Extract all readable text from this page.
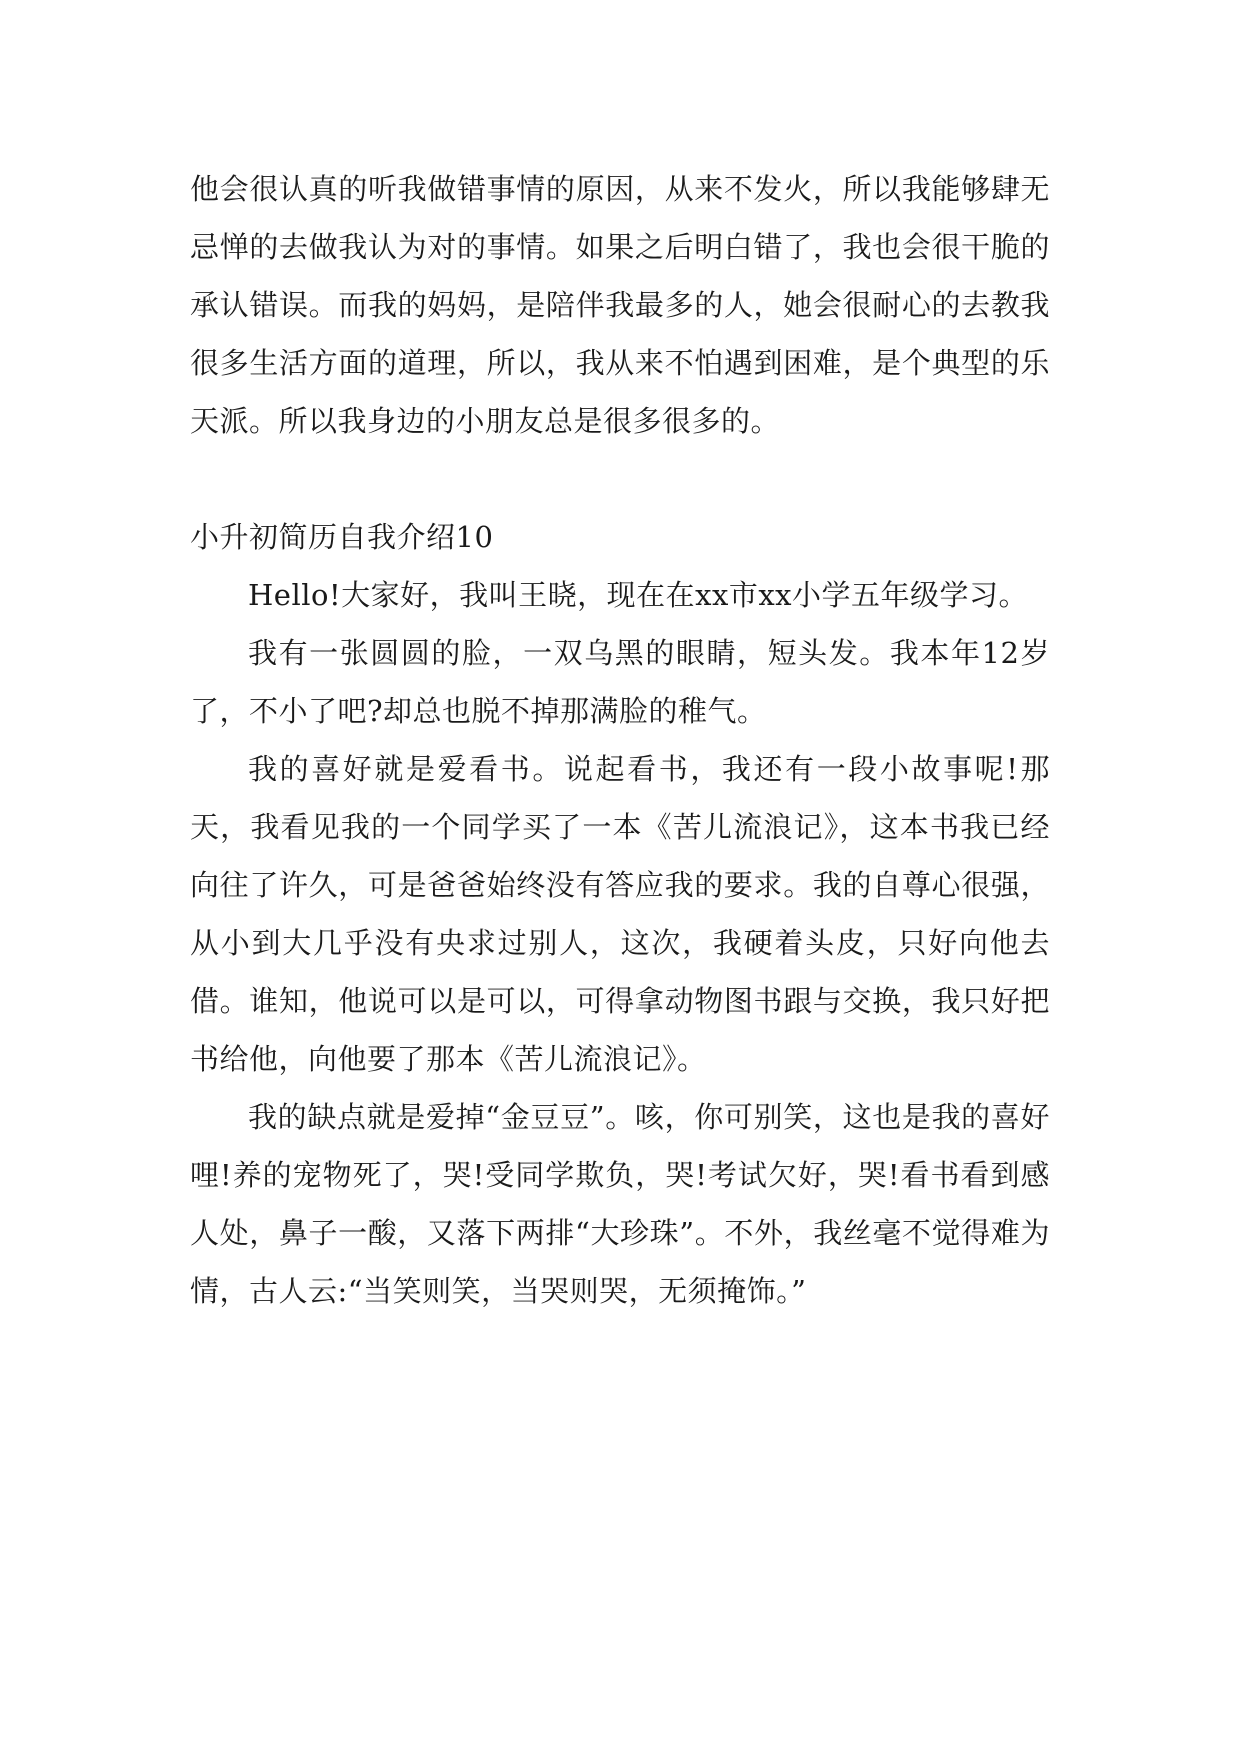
他会很认真的听我做错事情的原因，从来不发火，所以我能够肆无忌惮的去做我认为对的事情。如果之后明白错了，我也会很干脆的承认错误。而我的妈妈，是陪伴我最多的人，她会很耐心的去教我很多生活方面的道理，所以，我从来不怕遇到困难，是个典型的乐天派。所以我身边的小朋友总是很多很多的。

小升初简历自我介绍10

Hello!大家好，我叫王晓，现在在xx市xx小学五年级学习。

我有一张圆圆的脸，一双乌黑的眼睛，短头发。我本年12岁了，不小了吧?却总也脱不掉那满脸的稚气。

我的喜好就是爱看书。说起看书，我还有一段小故事呢!那天，我看见我的一个同学买了一本《苦儿流浪记》，这本书我已经向往了许久，可是爸爸始终没有答应我的要求。我的自尊心很强，从小到大几乎没有央求过别人，这次，我硬着头皮，只好向他去借。谁知，他说可以是可以，可得拿动物图书跟与交换，我只好把书给他，向他要了那本《苦儿流浪记》。

我的缺点就是爱掉“金豆豆”。咳，你可别笑，这也是我的喜好哩!养的宠物死了，哭!受同学欺负，哭!考试欠好，哭!看书看到感人处，鼻子一酸，又落下两排“大珍珠”。不外，我丝毫不觉得难为情，古人云:“当笑则笑，当哭则哭，无须掩饰。”
